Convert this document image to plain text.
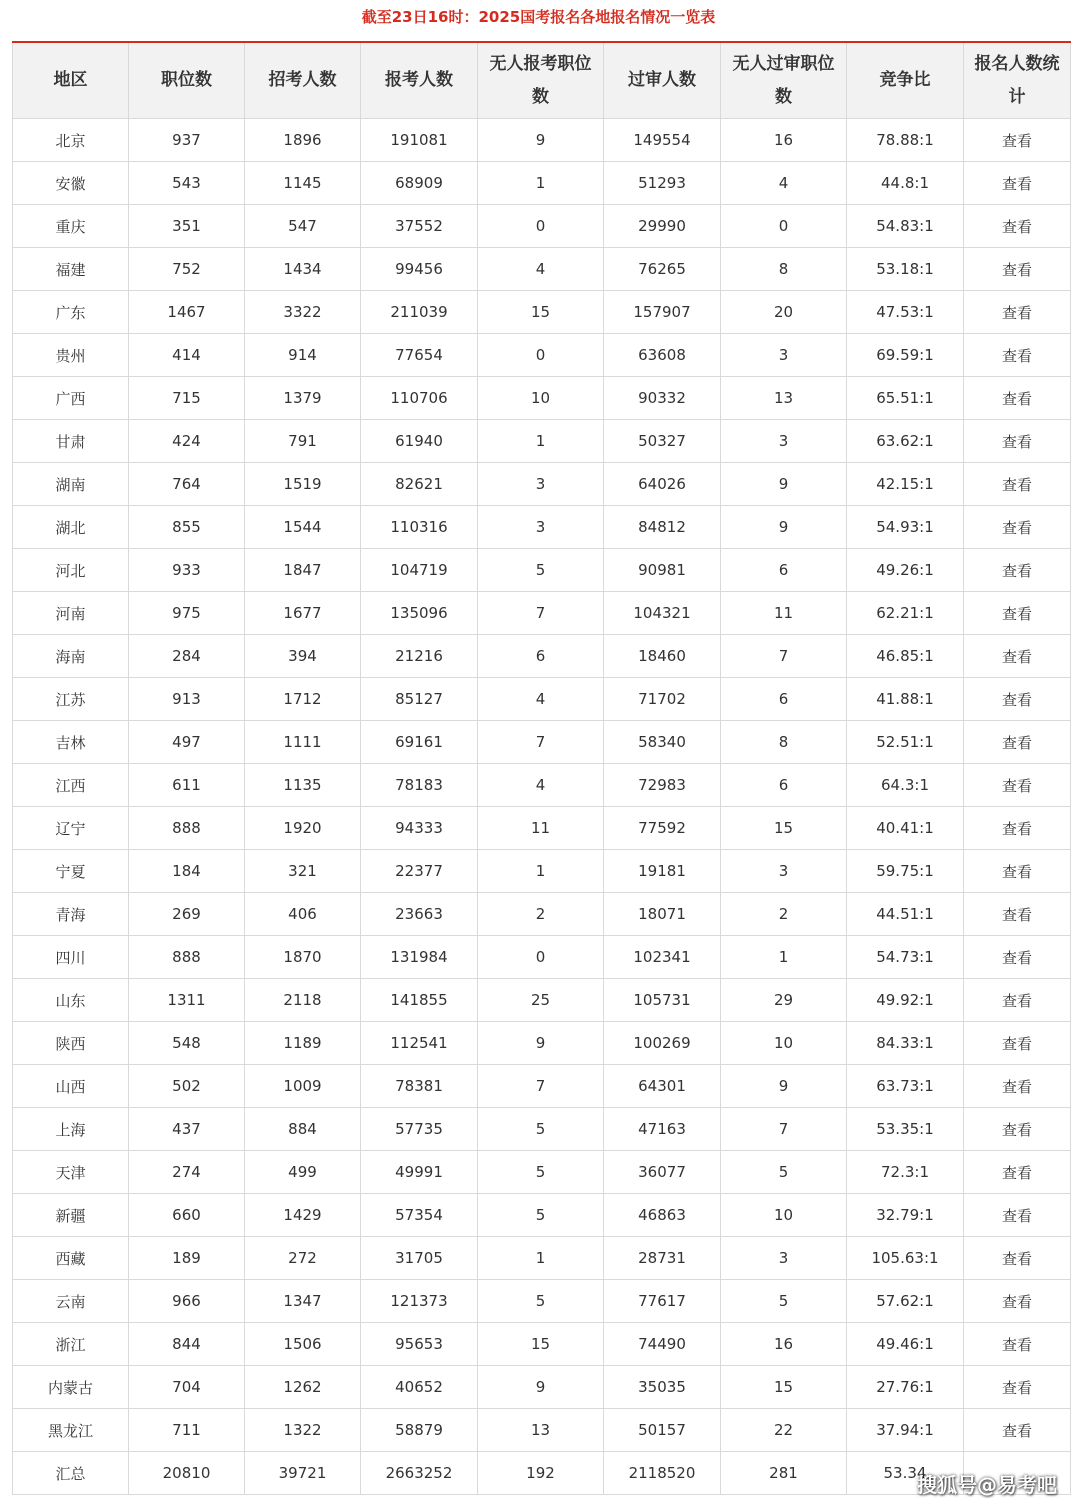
截至23日16时：2025国考报名各地报名情况一览表
地区	职位数	招考人数	报考人数	无人报考职位数	过审人数	无人过审职位数	竞争比	报名人数统计
北京	937	1896	191081	9	149554	16	78.88:1	查看
安徽	543	1145	68909	1	51293	4	44.8:1	查看
重庆	351	547	37552	0	29990	0	54.83:1	查看
福建	752	1434	99456	4	76265	8	53.18:1	查看
广东	1467	3322	211039	15	157907	20	47.53:1	查看
贵州	414	914	77654	0	63608	3	69.59:1	查看
广西	715	1379	110706	10	90332	13	65.51:1	查看
甘肃	424	791	61940	1	50327	3	63.62:1	查看
湖南	764	1519	82621	3	64026	9	42.15:1	查看
湖北	855	1544	110316	3	84812	9	54.93:1	查看
河北	933	1847	104719	5	90981	6	49.26:1	查看
河南	975	1677	135096	7	104321	11	62.21:1	查看
海南	284	394	21216	6	18460	7	46.85:1	查看
江苏	913	1712	85127	4	71702	6	41.88:1	查看
吉林	497	1111	69161	7	58340	8	52.51:1	查看
江西	611	1135	78183	4	72983	6	64.3:1	查看
辽宁	888	1920	94333	11	77592	15	40.41:1	查看
宁夏	184	321	22377	1	19181	3	59.75:1	查看
青海	269	406	23663	2	18071	2	44.51:1	查看
四川	888	1870	131984	0	102341	1	54.73:1	查看
山东	1311	2118	141855	25	105731	29	49.92:1	查看
陕西	548	1189	112541	9	100269	10	84.33:1	查看
山西	502	1009	78381	7	64301	9	63.73:1	查看
上海	437	884	57735	5	47163	7	53.35:1	查看
天津	274	499	49991	5	36077	5	72.3:1	查看
新疆	660	1429	57354	5	46863	10	32.79:1	查看
西藏	189	272	31705	1	28731	3	105.63:1	查看
云南	966	1347	121373	5	77617	5	57.62:1	查看
浙江	844	1506	95653	15	74490	16	49.46:1	查看
内蒙古	704	1262	40652	9	35035	15	27.76:1	查看
黑龙江	711	1322	58879	13	50157	22	37.94:1	查看
汇总	20810	39721	2663252	192	2118520	281	53.34	
搜狐号@易考吧
